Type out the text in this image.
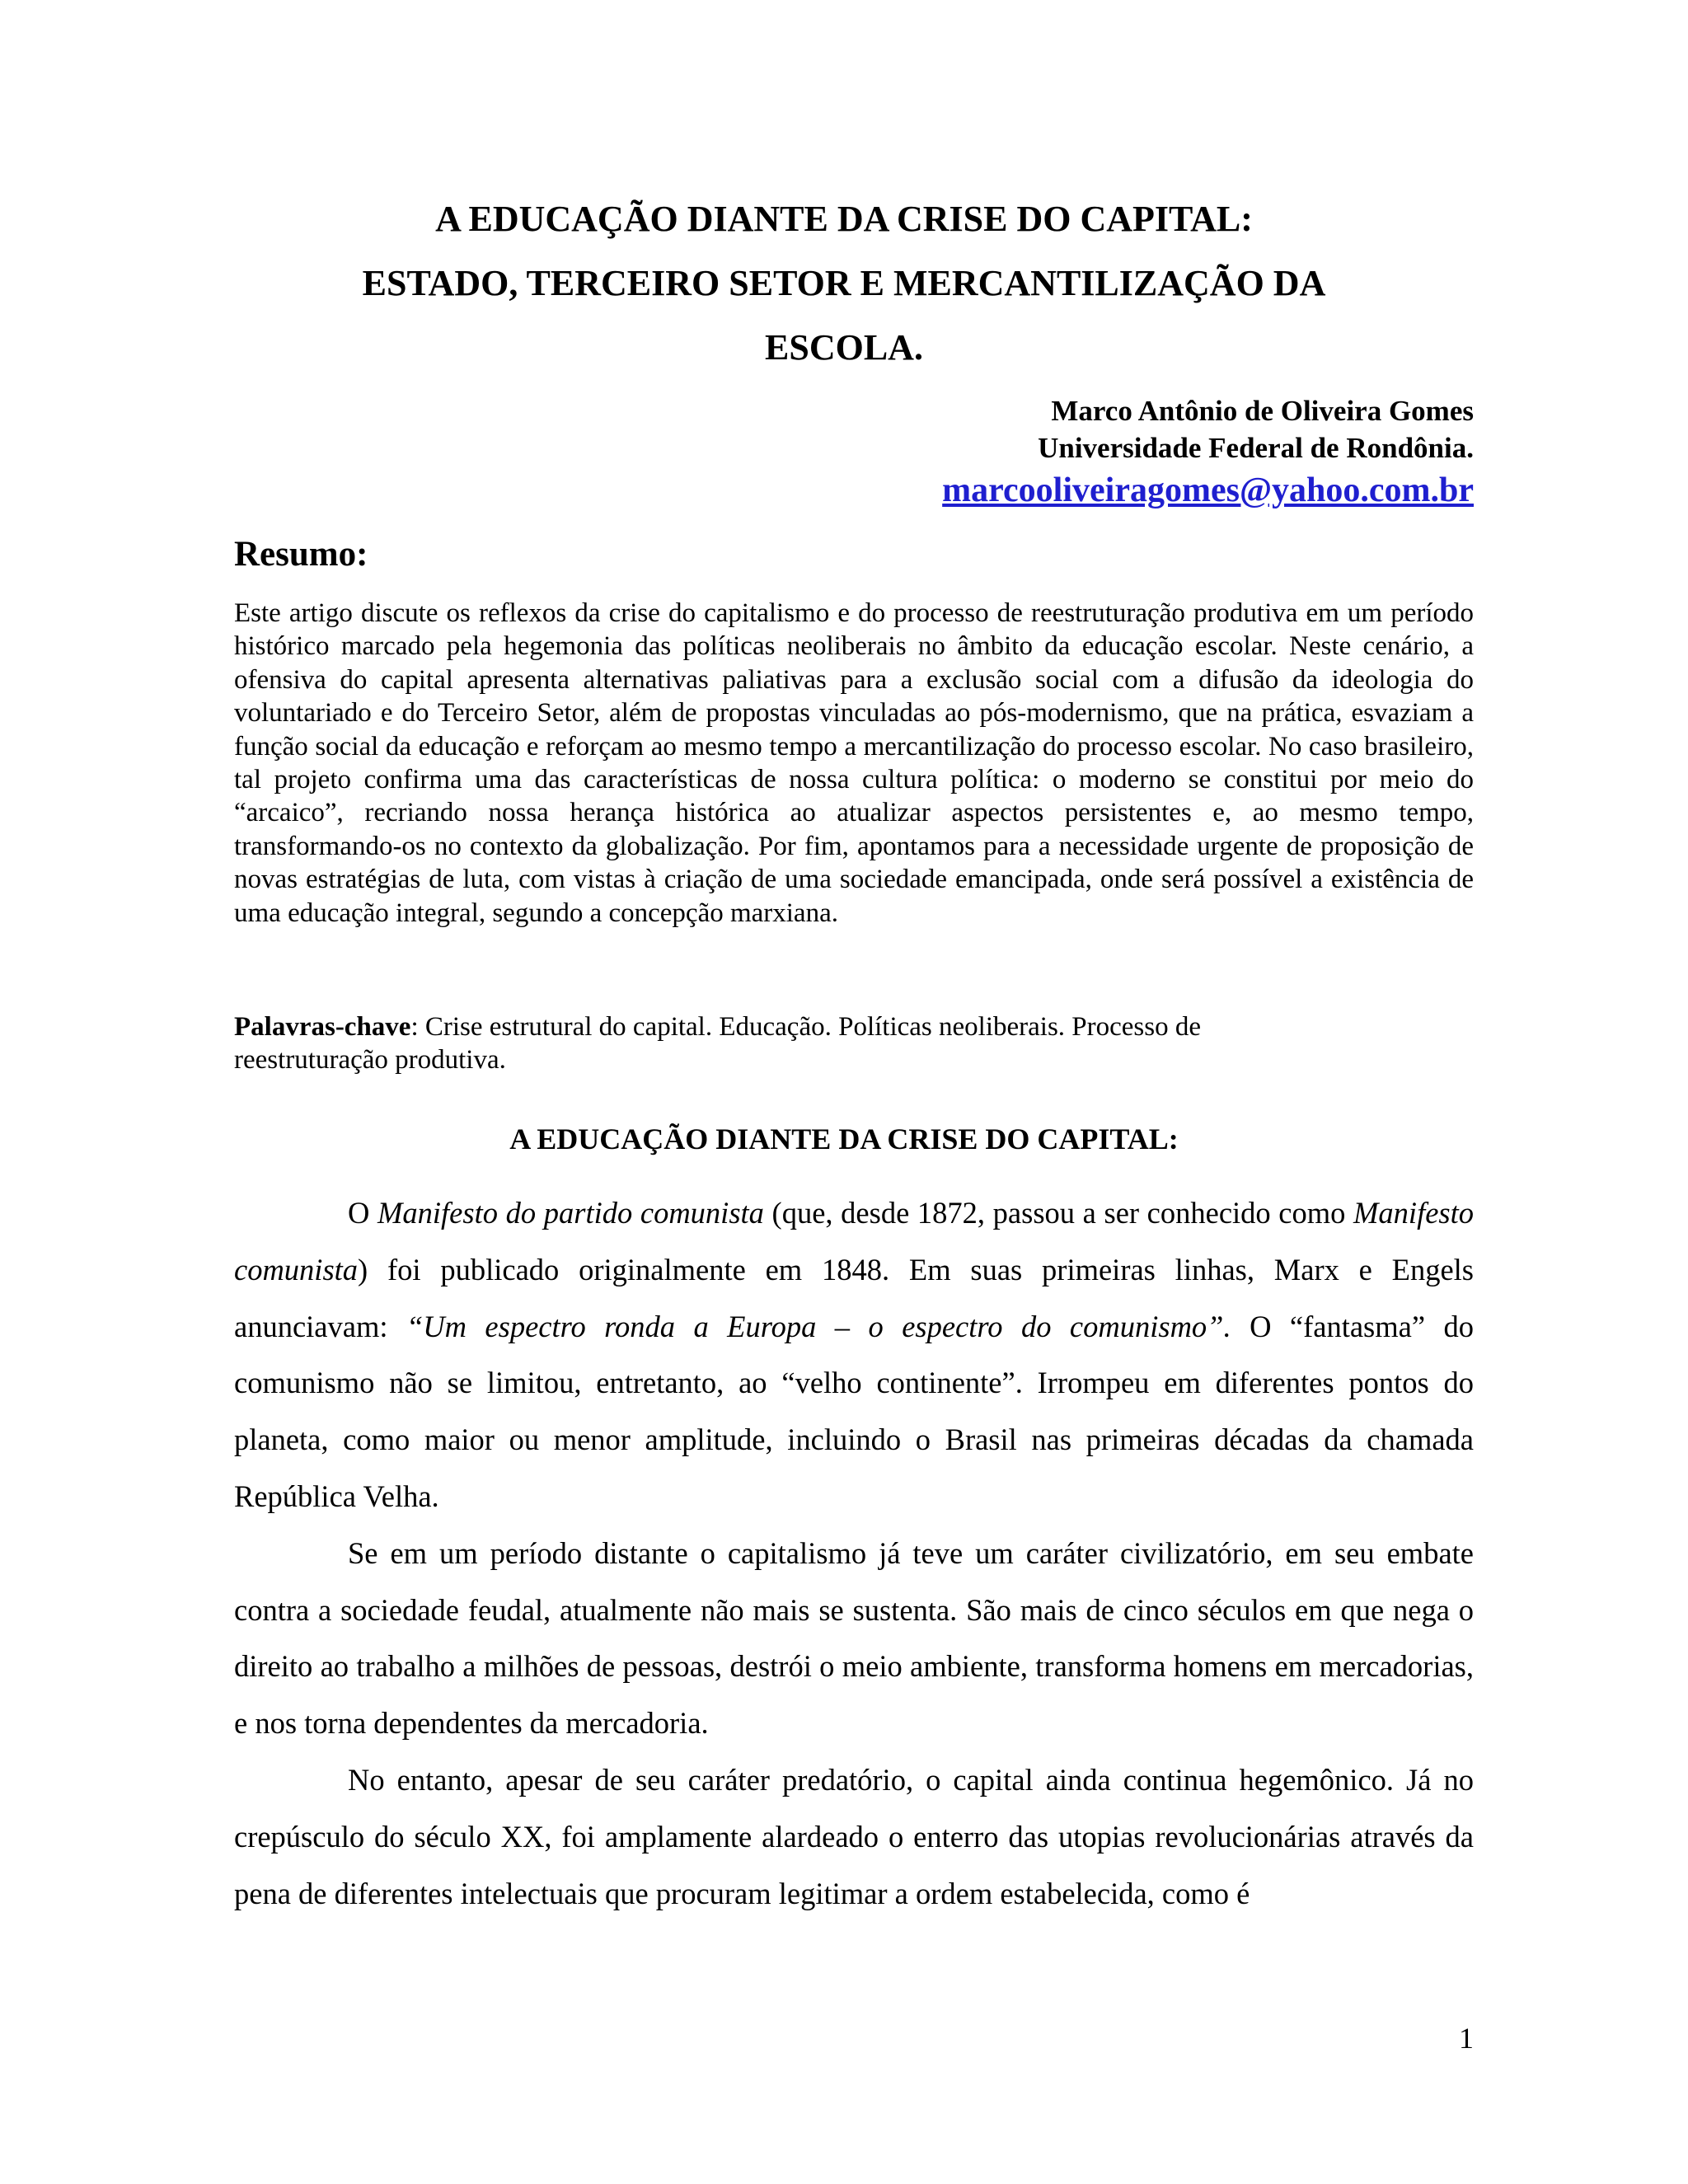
A EDUCAÇÃO DIANTE DA CRISE DO CAPITAL:
ESTADO, TERCEIRO SETOR E MERCANTILIZAÇÃO DA
ESCOLA.
Marco Antônio de Oliveira Gomes
Universidade Federal de Rondônia.
marcooliveiragomes@yahoo.com.br
Resumo:

Este artigo discute os reflexos da crise do capitalismo e do processo de reestruturação produtiva em um período histórico marcado pela hegemonia das políticas neoliberais no âmbito da educação escolar. Neste cenário, a ofensiva do capital apresenta alternativas paliativas para a exclusão social com a difusão da ideologia do voluntariado e do Terceiro Setor, além de propostas vinculadas ao pós-modernismo, que na prática, esvaziam a função social da educação e reforçam ao mesmo tempo a mercantilização do processo escolar. No caso brasileiro, tal projeto confirma uma das características de nossa cultura política: o moderno se constitui por meio do “arcaico”, recriando nossa herança histórica ao atualizar aspectos persistentes e, ao mesmo tempo, transformando-os no contexto da globalização. Por fim, apontamos para a necessidade urgente de proposição de novas estratégias de luta, com vistas à criação de uma sociedade emancipada, onde será possível a existência de uma educação integral, segundo a concepção marxiana.

Palavras-chave: Crise estrutural do capital. Educação. Políticas neoliberais. Processo de
reestruturação produtiva.

A EDUCAÇÃO DIANTE DA CRISE DO CAPITAL:

O Manifesto do partido comunista (que, desde 1872, passou a ser conhecido como Manifesto comunista) foi publicado originalmente em 1848. Em suas primeiras linhas, Marx e Engels anunciavam: “Um espectro ronda a Europa – o espectro do comunismo”. O “fantasma” do comunismo não se limitou, entretanto, ao “velho continente”. Irrompeu em diferentes pontos do planeta, como maior ou menor amplitude, incluindo o Brasil nas primeiras décadas da chamada República Velha.

Se em um período distante o capitalismo já teve um caráter civilizatório, em seu embate contra a sociedade feudal, atualmente não mais se sustenta. São mais de cinco séculos em que nega o direito ao trabalho a milhões de pessoas, destrói o meio ambiente, transforma homens em mercadorias, e nos torna dependentes da mercadoria.

No entanto, apesar de seu caráter predatório, o capital ainda continua hegemônico. Já no crepúsculo do século XX, foi amplamente alardeado o enterro das utopias revolucionárias através da pena de diferentes intelectuais que procuram legitimar a ordem estabelecida, como é

1
